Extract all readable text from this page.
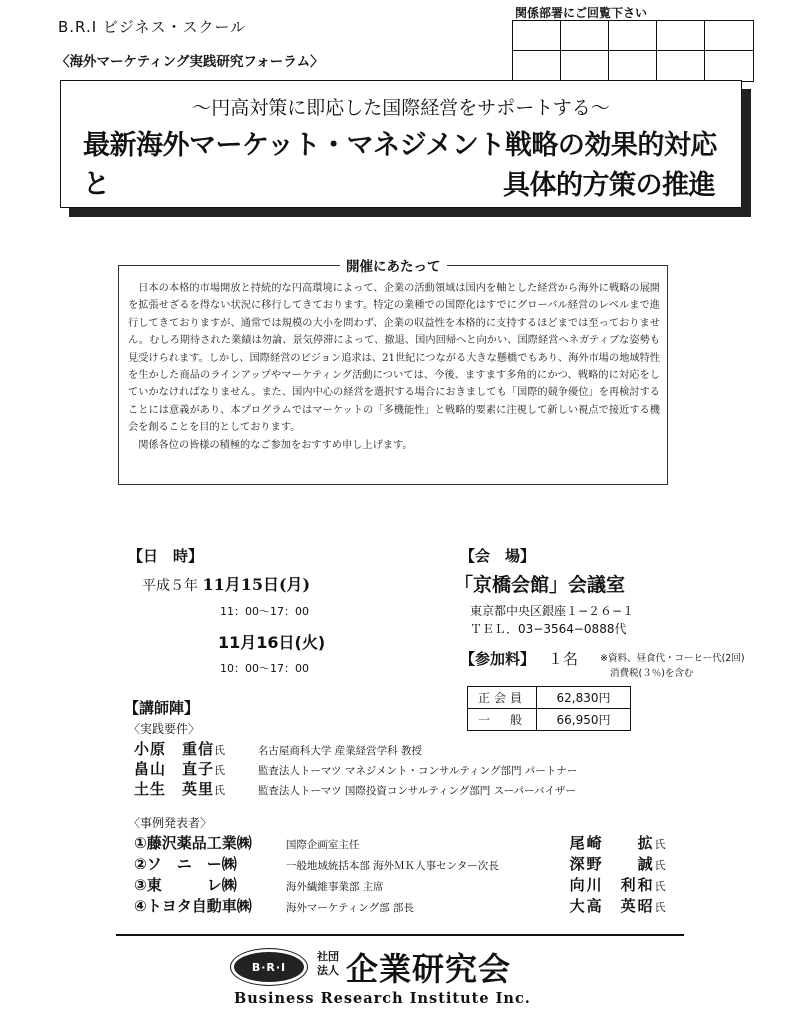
B.R.I ビジネス・スクール
〈海外マーケティング実践研究フォーラム〉
関係部署にご回覧下さい
〜円高対策に即応した国際経営をサポートする〜
最新海外マーケット・マネジメント戦略の効果的対応と	具体的方策の推進
開催にあたって

日本の本格的市場開放と持続的な円高環境によって、企業の活動領域は国内を軸とした経営から海外に戦略の展開を拡張せざるを得ない状況に移行してきております。特定の業種での国際化はすでにグローバル経営のレベルまで進行してきておりますが、通常では規模の大小を問わず、企業の収益性を本格的に支持するほどまでは至っておりません。むしろ期待された業績は勿論、景気停滞によって、撤退、国内回帰へと向かい、国際経営へネガティブな姿勢も見受けられます。しかし、国際経営のビジョン追求は、21世紀につながる大きな懸橋でもあり、海外市場の地域特性を生かした商品のラインアップやマーケティング活動については、今後、ますます多角的にかつ、戦略的に対応をしていかなければなりません。また、国内中心の経営を選択する場合におきましても「国際的競争優位」を再検討することには意義があり、本プログラムではマーケットの「多機能性」と戦略的要素に注視して新しい視点で接近する機会を創ることを目的としております。

関係各位の皆様の積極的なご参加をおすすめ申し上げます。

【日　時】
平成５年 11月15日(月)
11：00〜17：00
11月16日(火)
10：00〜17：00
【会　場】
「京橋会館」会議室
東京都中央区銀座１−２６−１
ＴＥＬ．03−3564−0888代
【参加料】 １名 ※資料、昼食代・コーヒー代(2回)
消費税(３％)を含む
正会員	62,830円
一　般	66,950円
【講師陣】
〈実践要件〉
小原　重信氏	名古屋商科大学 産業経営学科 教授
畠山　直子氏	監査法人トーマツ マネジメント・コンサルティング部門 パートナー
土生　英里氏	監査法人トーマツ 国際投資コンサルティング部門 スーパーバイザー
〈事例発表者〉
①藤沢薬品工業㈱	国際企画室主任	尾崎　　拡氏
②ソ　ニ　ー㈱	一般地域統括本部 海外ＭＫ人事センター次長	深野　　誠氏
③東　　　レ㈱	海外繊維事業部 主席	向川　利和氏
④トヨタ自動車㈱	海外マーケティング部 部長	大高　英昭氏
B·R·I
社団法人 企業研究会
Business Research Institute Inc.
